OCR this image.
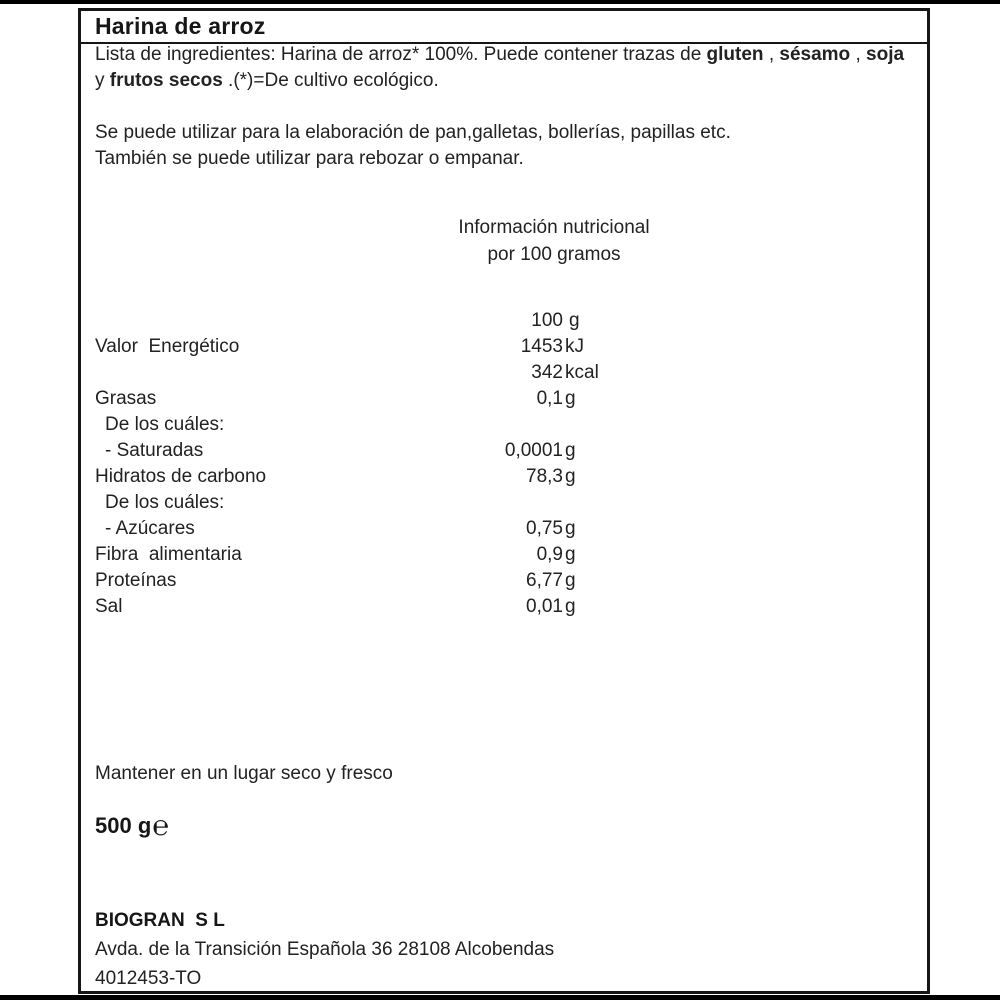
Harina de arroz
Lista de ingredientes: Harina de arroz* 100%. Puede contener trazas de gluten , sésamo , soja y frutos secos .(*)=De cultivo ecológico.
Se puede utilizar para la elaboración de pan,galletas, bollerías, papillas etc.
También se puede utilizar para rebozar o empanar.
Información nutricional
por 100 gramos
100 g
Valor  Energético	1453 kJ
342 kcal
Grasas	0,1 g
De los cuáles:
- Saturadas	0,0001 g
Hidratos de carbono	78,3 g
De los cuáles:
- Azúcares	0,75 g
Fibra  alimentaria	0,9 g
Proteínas	6,77 g
Sal	0,01 g
Mantener en un lugar seco y fresco
500 g℮
BIOGRAN  S L
Avda. de la Transición Española 36 28108 Alcobendas
4012453-TO
